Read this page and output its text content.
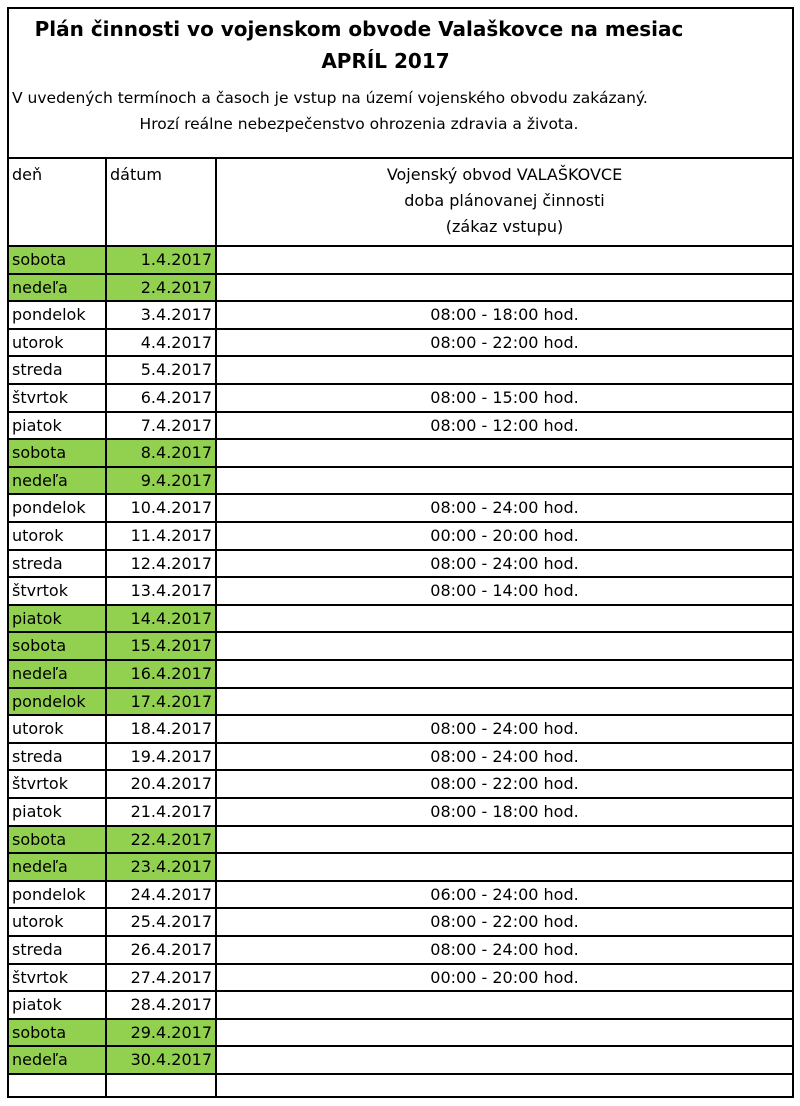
Plán činnosti vo vojenskom obvode Valaškovce na mesiac
APRÍL 2017
V uvedených termínoch a časoch je vstup na území vojenského obvodu zakázaný.
Hrozí reálne nebezpečenstvo ohrozenia zdravia a života.
deň	dátum	Vojenský obvod VALAŠKOVCE
doba plánovanej činnosti
(zákaz vstupu)
sobota	1.4.2017
nedeľa	2.4.2017
pondelok	3.4.2017	08:00 - 18:00 hod.
utorok	4.4.2017	08:00 - 22:00 hod.
streda	5.4.2017
štvrtok	6.4.2017	08:00 - 15:00 hod.
piatok	7.4.2017	08:00 - 12:00 hod.
sobota	8.4.2017
nedeľa	9.4.2017
pondelok	10.4.2017	08:00 - 24:00 hod.
utorok	11.4.2017	00:00 - 20:00 hod.
streda	12.4.2017	08:00 - 24:00 hod.
štvrtok	13.4.2017	08:00 - 14:00 hod.
piatok	14.4.2017
sobota	15.4.2017
nedeľa	16.4.2017
pondelok	17.4.2017
utorok	18.4.2017	08:00 - 24:00 hod.
streda	19.4.2017	08:00 - 24:00 hod.
štvrtok	20.4.2017	08:00 - 22:00 hod.
piatok	21.4.2017	08:00 - 18:00 hod.
sobota	22.4.2017
nedeľa	23.4.2017
pondelok	24.4.2017	06:00 - 24:00 hod.
utorok	25.4.2017	08:00 - 22:00 hod.
streda	26.4.2017	08:00 - 24:00 hod.
štvrtok	27.4.2017	00:00 - 20:00 hod.
piatok	28.4.2017
sobota	29.4.2017
nedeľa	30.4.2017
